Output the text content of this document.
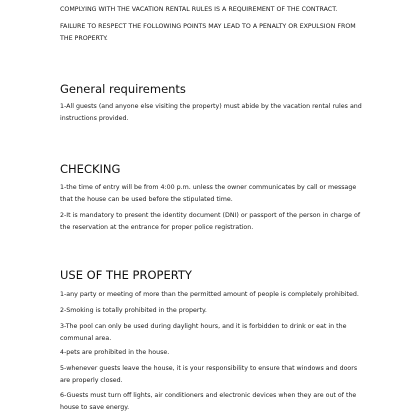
COMPLYING WITH THE VACATION RENTAL RULES IS A REQUIREMENT OF THE CONTRACT.

FAILURE TO RESPECT THE FOLLOWING POINTS MAY LEAD TO A PENALTY OR EXPULSION FROM
THE PROPERTY.

General requirements

1-All guests (and anyone else visiting the property) must abide by the vacation rental rules and
instructions provided.

CHECKING

1-the time of entry will be from 4:00 p.m. unless the owner communicates by call or message
that the house can be used before the stipulated time.

2-It is mandatory to present the identity document (DNI) or passport of the person in charge of
the reservation at the entrance for proper police registration.

USE OF THE PROPERTY

1-any party or meeting of more than the permitted amount of people is completely prohibited.

2-Smoking is totally prohibited in the property.

3-The pool can only be used during daylight hours, and it is forbidden to drink or eat in the
communal area.

4-pets are prohibited in the house.

5-whenever guests leave the house, it is your responsibility to ensure that windows and doors
are properly closed.

6-Guests must turn off lights, air conditioners and electronic devices when they are out of the
house to save energy.
